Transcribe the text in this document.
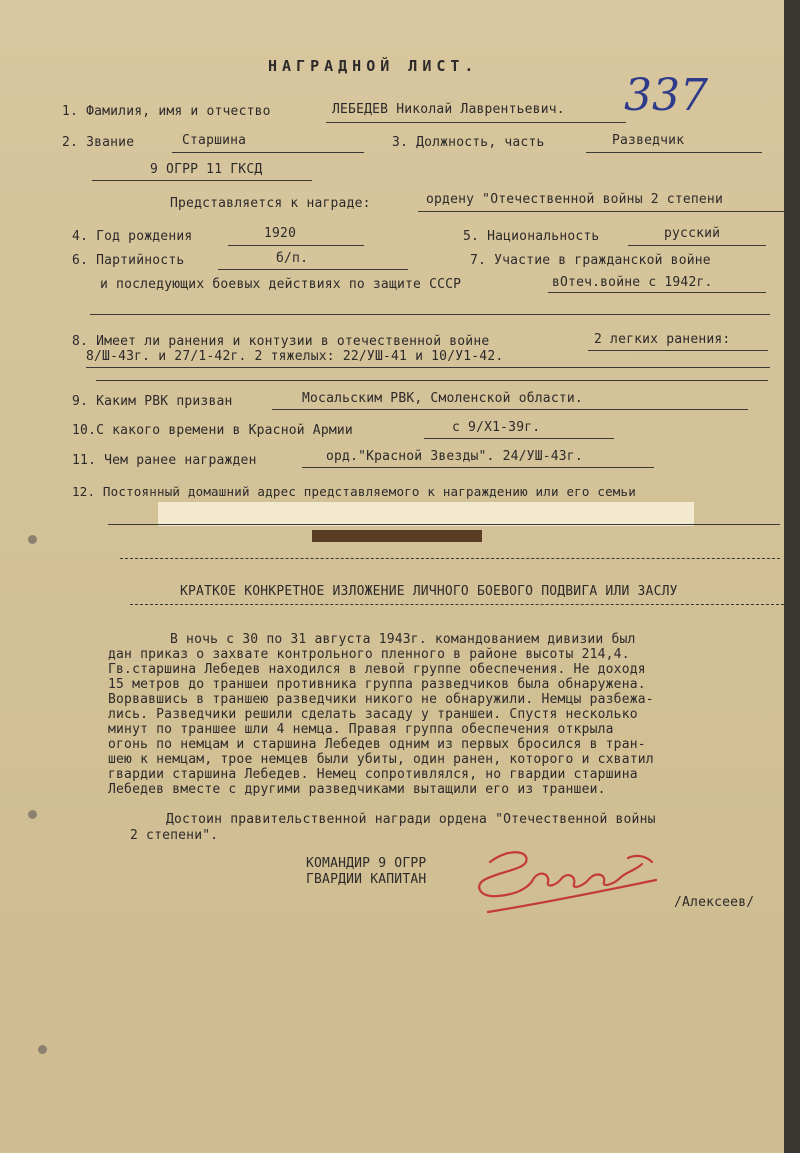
НАГРАДНОЙ ЛИСТ.
337
1. Фамилия, имя и отчество	ЛЕБЕДЕВ Николай Лаврентьевич.
2. Звание	Старшина	3. Должность, часть	Разведчик
9 ОГРР 11 ГКСД
Представляется к награде:	ордену "Отечественной войны 2 степени
4. Год рождения	1920	5. Национальность	русский
6. Партийность	б/п.	7. Участие в гражданской войне
и последующих боевых действиях по защите СССР	вОтеч.войне с 1942г.
8. Имеет ли ранения и контузии в отечественной войне	2 легких ранения:
8/Ш-43г. и 27/1-42г. 2 тяжелых: 22/УШ-41 и 10/У1-42.
9. Каким РВК призван	Мосальским РВК, Смоленской области.
10.С какого времени в Красной Армии	с 9/Х1-39г.
11. Чем ранее награжден	орд."Красной Звезды". 24/УШ-43г.
12. Постоянный домашний адрес представляемого к награждению или его семьи
КРАТКОЕ КОНКРЕТНОЕ ИЗЛОЖЕНИЕ ЛИЧНОГО БОЕВОГО ПОДВИГА ИЛИ ЗАСЛУ
В ночь с 30 по 31 августа 1943г. командованием дивизии был
дан приказ о захвате контрольного пленного в районе высоты 214,4.
Гв.старшина Лебедев находился в левой группе обеспечения. Не доходя
15 метров до траншеи противника группа разведчиков была обнаружена.
Ворвавшись в траншею разведчики никого не обнаружили. Немцы разбежа-
лись. Разведчики решили сделать засаду у траншеи. Спустя несколько
минут по траншее шли 4 немца. Правая группа обеспечения открыла
огонь по немцам и старшина Лебедев одним из первых бросился в тран-
шею к немцам, трое немцев были убиты, один ранен, которого и схватил
гвардии старшина Лебедев. Немец сопротивлялся, но гвардии старшина
Лебедев вместе с другими разведчиками вытащили его из траншеи.
Достоин правительственной награди ордена "Отечественной войны
2 степени".
КОМАНДИР 9 ОГРР
ГВАРДИИ КАПИТАН
/Алексеев/
